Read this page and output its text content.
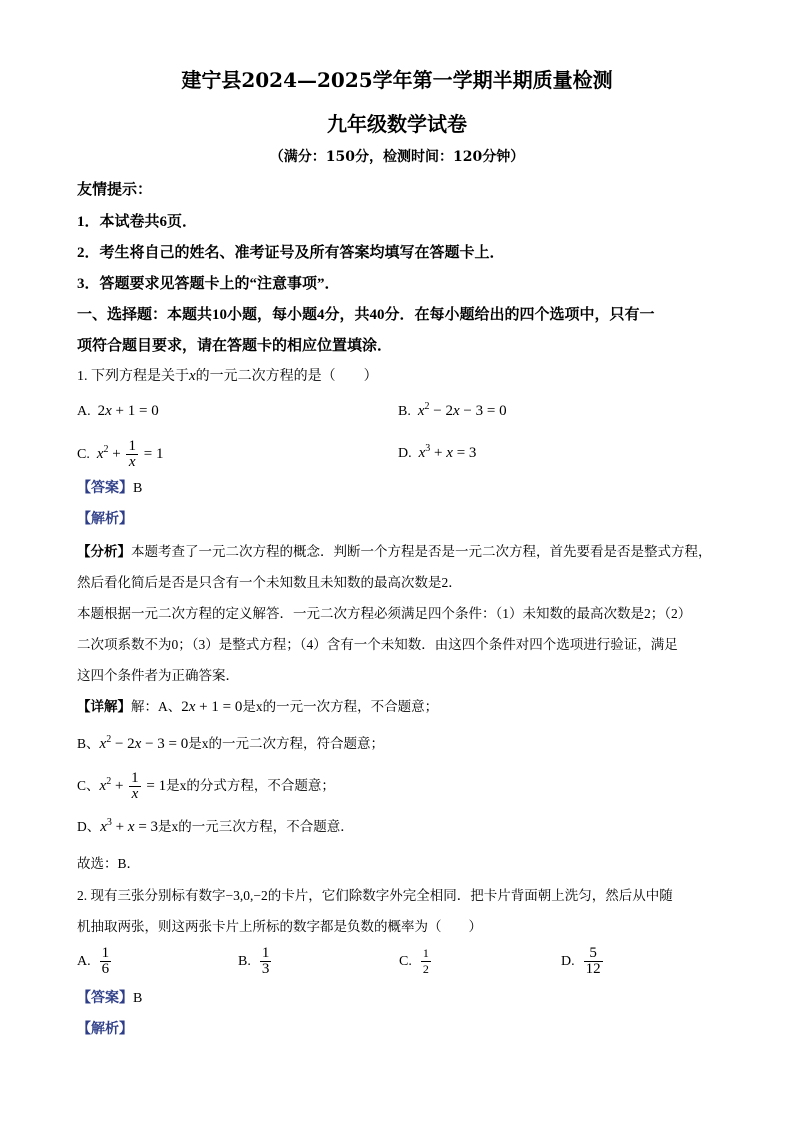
建宁县2024—2025学年第一学期半期质量检测
九年级数学试卷
（满分：150分，检测时间：120分钟）
友情提示：
1．本试卷共6页．
2．考生将自己的姓名、准考证号及所有答案均填写在答题卡上．
3．答题要求见答题卡上的“注意事项”．
一、选择题：本题共10小题，每小题4分，共40分．在每小题给出的四个选项中，只有一
项符合题目要求，请在答题卡的相应位置填涂．
1. 下列方程是关于x的一元二次方程的是（　　）
A. 2x + 1 = 0	B. $x^2 - 2x - 3 = 0$
C. $x^2 + \frac{1}{x} = 1$	D. $x^3 + x = 3$
【答案】B
【解析】
【分析】本题考查了一元二次方程的概念．判断一个方程是否是一元二次方程，首先要看是否是整式方程，
然后看化简后是否是只含有一个未知数且未知数的最高次数是2．
本题根据一元二次方程的定义解答．一元二次方程必须满足四个条件：（1）未知数的最高次数是2；（2）
二次项系数不为0；（3）是整式方程；（4）含有一个未知数．由这四个条件对四个选项进行验证，满足
这四个条件者为正确答案．
【详解】解：A、2x + 1 = 0是x的一元一次方程，不合题意；
B、$x^2 - 2x - 3 = 0$是x的一元二次方程，符合题意；
C、$x^2 + \frac{1}{x} = 1$是x的分式方程，不合题意；
D、$x^3 + x = 3$是x的一元三次方程，不合题意．
故选：B．
2. 现有三张分别标有数字−3,0,−2的卡片，它们除数字外完全相同．把卡片背面朝上洗匀，然后从中随
机抽取两张，则这两张卡片上所标的数字都是负数的概率为（　　）
A. $\frac{1}{6}$	B. $\frac{1}{3}$	C. $\frac{1}{2}$	D. $\frac{5}{12}$
【答案】B
【解析】
